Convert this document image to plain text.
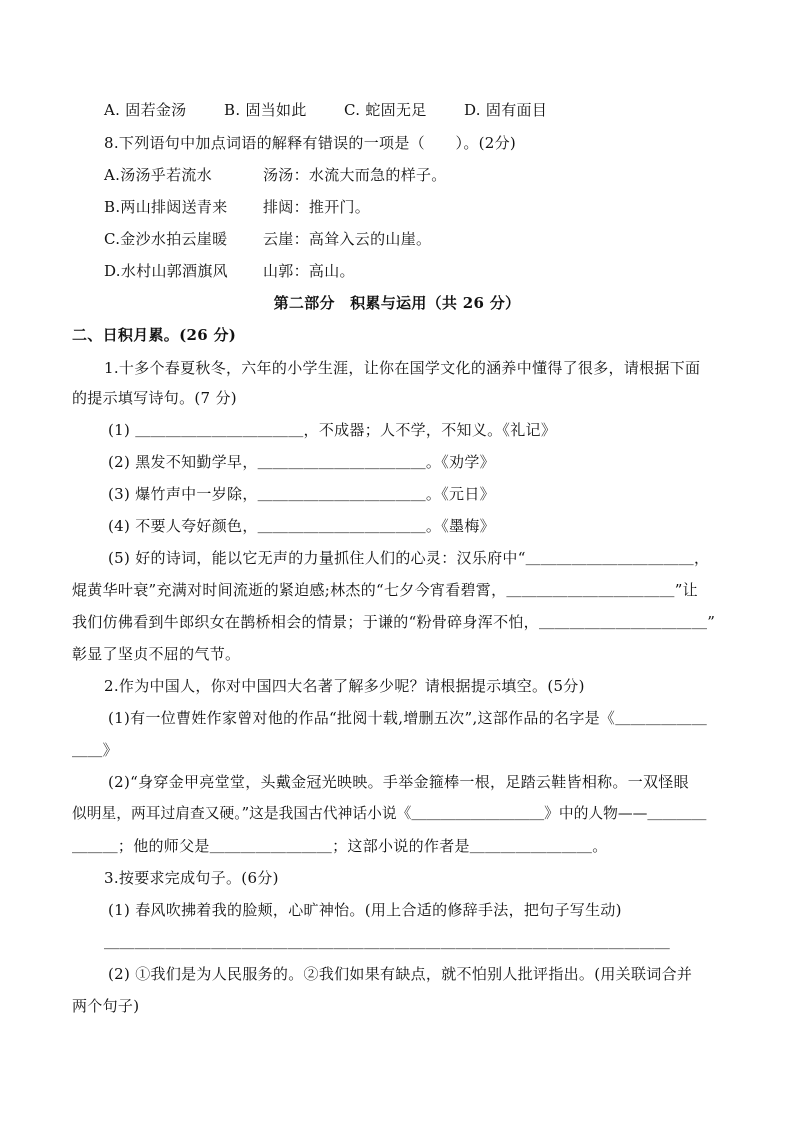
A. 固若金汤	B. 固当如此 C. 蛇固无足 D. 固有面目
8.下列语句中加点词语的解释有错误的一项是（　　）。(2分)
A.汤汤乎若流水	汤汤：水流大而急的样子。
B.两山排闼送青来 排闼：推开门。
C.金沙水拍云崖暖 云崖：高耸入云的山崖。
D.水村山郭酒旗风 山郭：高山。
第二部分　积累与运用（共 26 分）
二、日积月累。(26 分)
1.十多个春夏秋冬，六年的小学生涯，让你在国学文化的涵养中懂得了很多，请根据下面
的提示填写诗句。(7 分)
(1) ＿＿＿＿＿＿＿＿＿＿＿，不成器；人不学，不知义。《礼记》
(2) 黑发不知勤学早，＿＿＿＿＿＿＿＿＿＿＿。《劝学》
(3) 爆竹声中一岁除，＿＿＿＿＿＿＿＿＿＿＿。《元日》
(4) 不要人夸好颜色，＿＿＿＿＿＿＿＿＿＿＿。《墨梅》
(5) 好的诗词，能以它无声的力量抓住人们的心灵：汉乐府中“＿＿＿＿＿＿＿＿＿＿＿，
焜黄华叶衰”充满对时间流逝的紧迫感;林杰的“七夕今宵看碧霄，＿＿＿＿＿＿＿＿＿＿＿”让
我们仿佛看到牛郎织女在鹊桥相会的情景；于谦的“粉骨碎身浑不怕，＿＿＿＿＿＿＿＿＿＿＿”
彰显了坚贞不屈的气节。
2.作为中国人，你对中国四大名著了解多少呢？请根据提示填空。(5分)
(1)有一位曹姓作家曾对他的作品“批阅十载,增删五次”,这部作品的名字是《＿＿＿＿＿＿
＿＿》
(2)“身穿金甲亮堂堂，头戴金冠光映映。手举金箍棒一根，足踏云鞋皆相称。一双怪眼
似明星，两耳过肩查又硬。”这是我国古代神话小说《＿＿＿＿＿＿＿＿＿》中的人物——＿＿＿＿
＿＿＿；他的师父是＿＿＿＿＿＿＿＿；这部小说的作者是＿＿＿＿＿＿＿＿。
3.按要求完成句子。(6分)
(1) 春风吹拂着我的脸颊，心旷神怡。(用上合适的修辞手法，把句子写生动)
＿＿＿＿＿＿＿＿＿＿＿＿＿＿＿＿＿＿＿＿＿＿＿＿＿＿＿＿＿＿＿＿＿＿＿＿＿
(2) ①我们是为人民服务的。②我们如果有缺点，就不怕别人批评指出。(用关联词合并
两个句子)
